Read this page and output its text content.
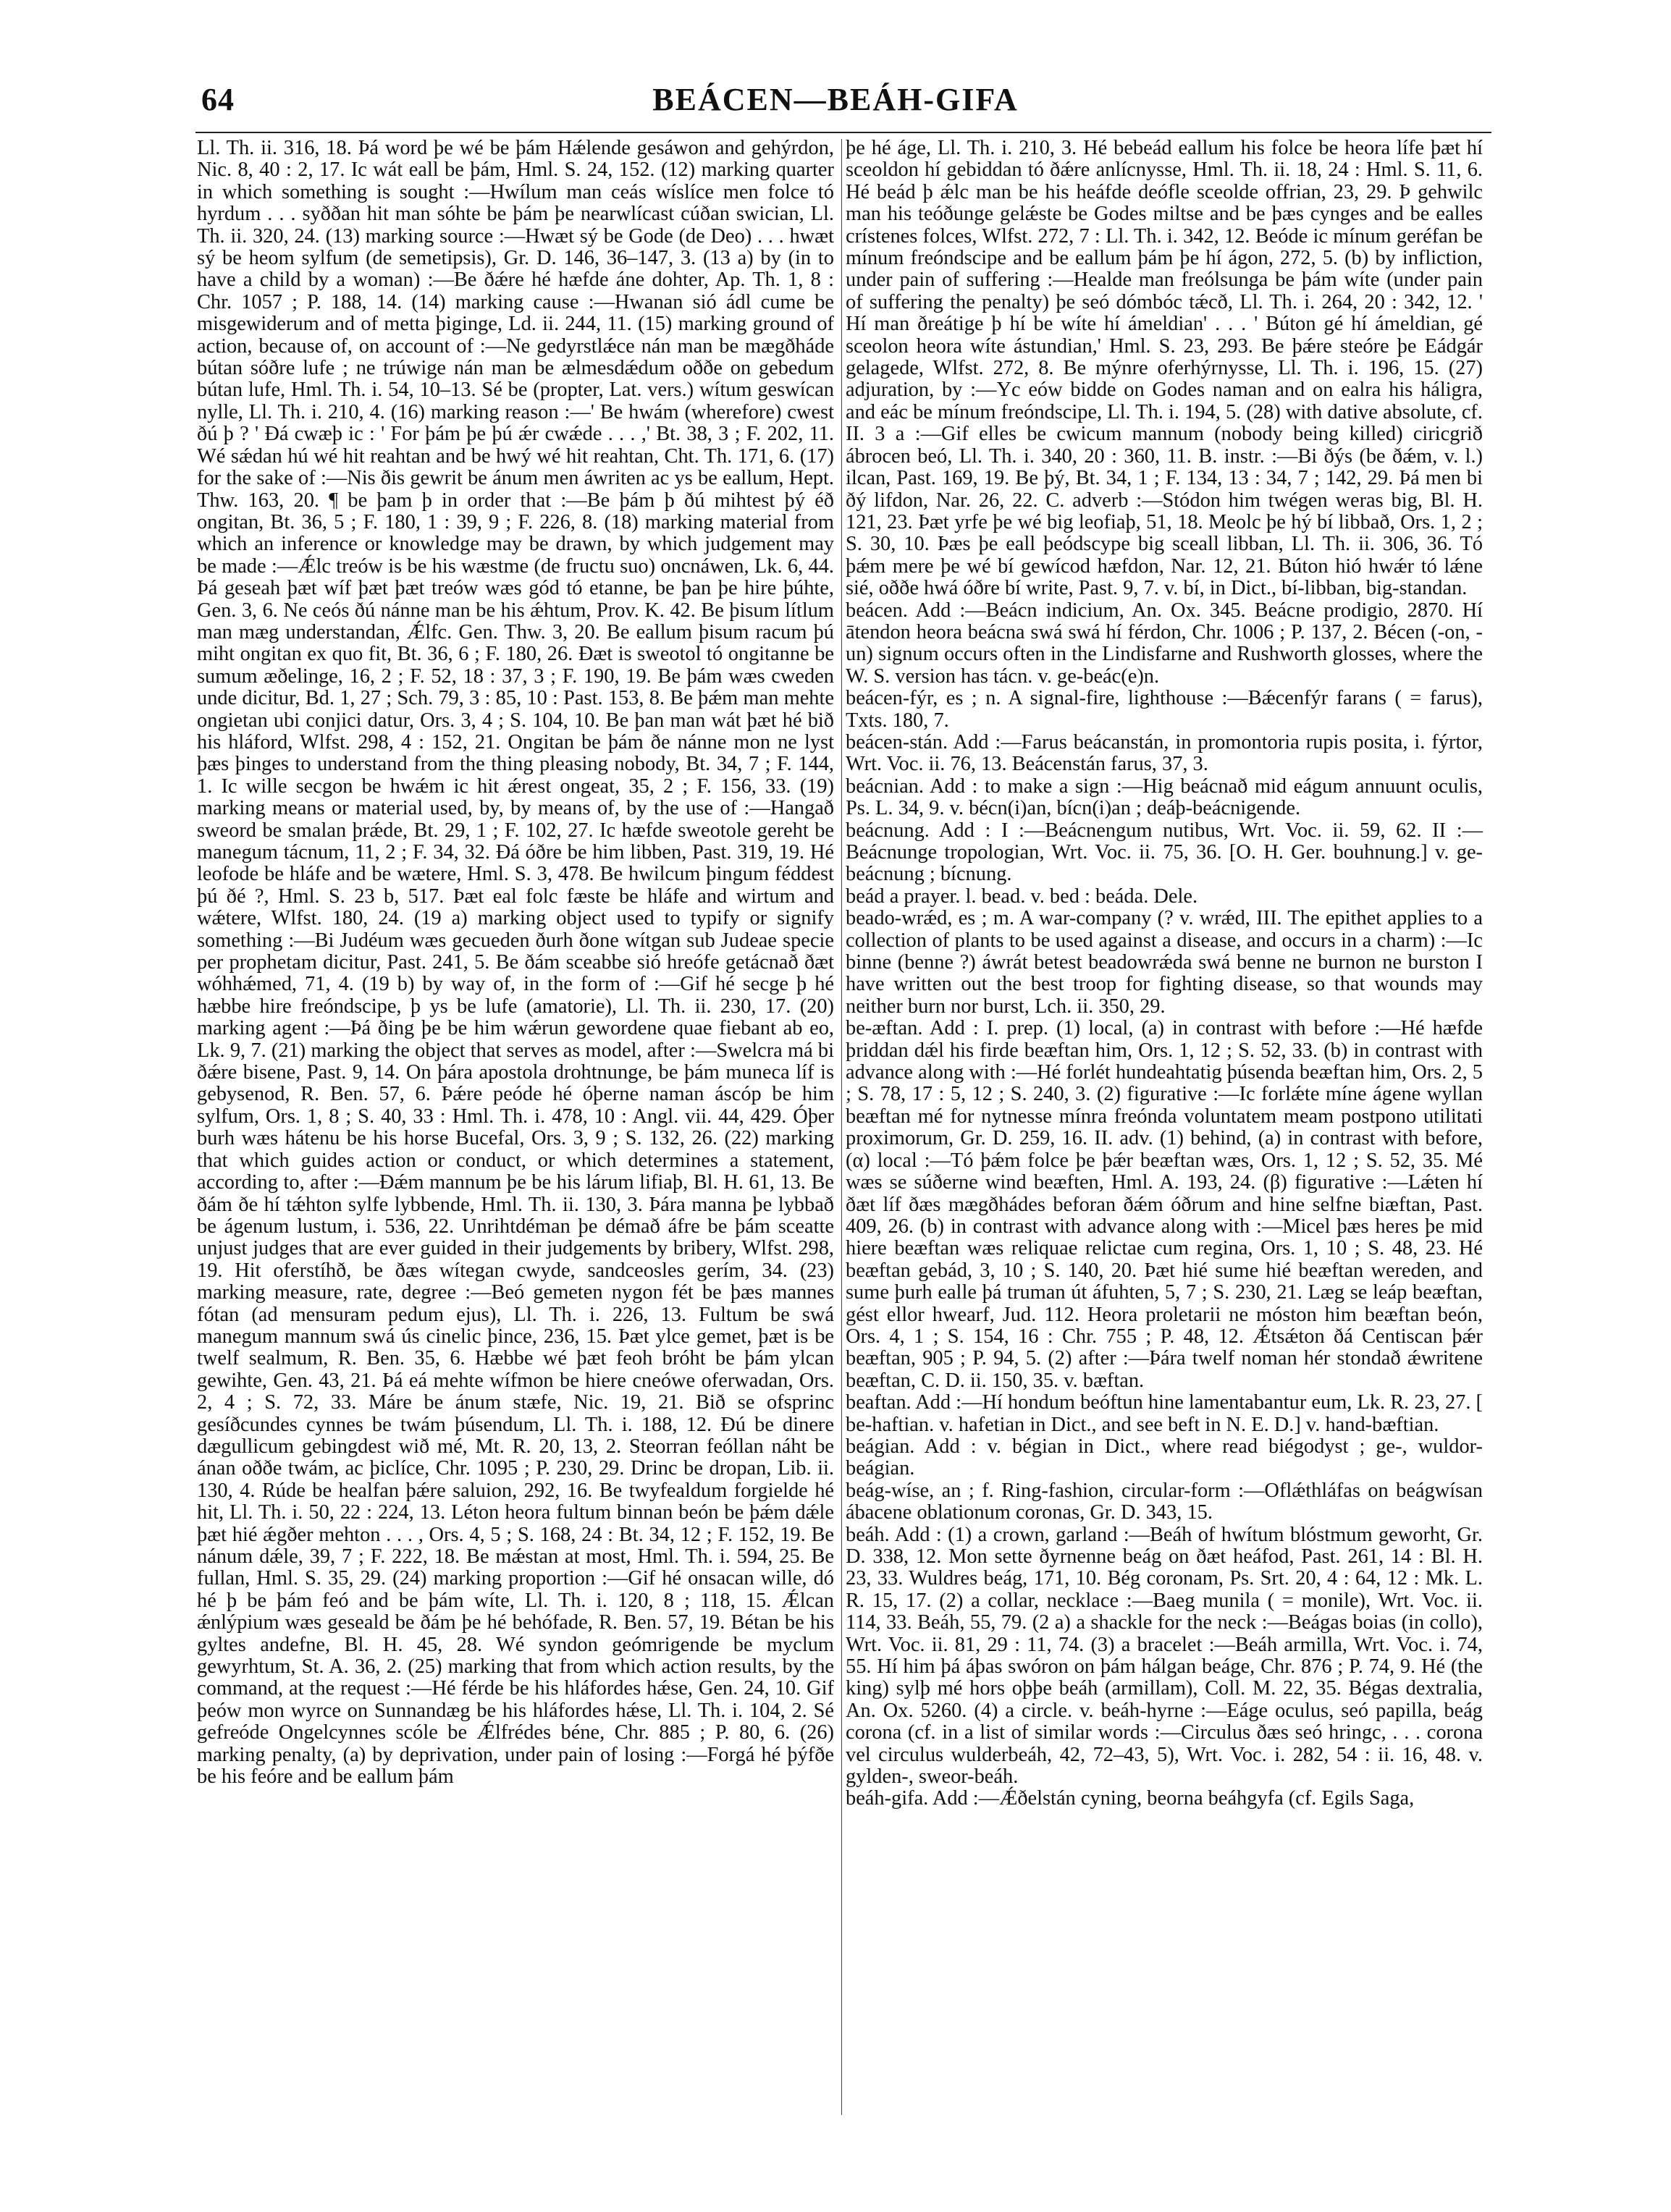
64	BEÁCEN—BEÁH-GIFA

Ll. Th. ii. 316, 18. Þá word þe wé be þám Hǽlende gesáwon and gehýrdon, Nic. 8, 40 : 2, 17. Ic wát eall be þám, Hml. S. 24, 152. (12) marking quarter in which something is sought :—Hwílum man ceás wíslíce men folce tó hyrdum . . . syððan hit man sóhte be þám þe nearwlícast cúðan swician, Ll. Th. ii. 320, 24. (13) marking source :—Hwæt sý be Gode (de Deo) . . . hwæt sý be heom sylfum (de semetipsis), Gr. D. 146, 36–147, 3. (13 a) by (in to have a child by a woman) :—Be ðǽre hé hæfde áne dohter, Ap. Th. 1, 8 : Chr. 1057 ; P. 188, 14. (14) marking cause :—Hwanan sió ádl cume be misgewiderum and of metta þiginge, Ld. ii. 244, 11. (15) marking ground of action, because of, on account of :—Ne gedyrstlǽce nán man be mægðháde bútan sóðre lufe ; ne trúwige nán man be ælmesdǽdum oððe on gebedum bútan lufe, Hml. Th. i. 54, 10–13. Sé be (propter, Lat. vers.) wítum geswícan nylle, Ll. Th. i. 210, 4. (16) marking reason :—' Be hwám (wherefore) cwest ðú þ ? ' Ðá cwæþ ic : ' For þám þe þú ǽr cwǽde . . . ,' Bt. 38, 3 ; F. 202, 11. Wé sǽdan hú wé hit reahtan and be hwý wé hit reahtan, Cht. Th. 171, 6. (17) for the sake of :—Nis ðis gewrit be ánum men áwriten ac ys be eallum, Hept. Thw. 163, 20. ¶ be þam þ in order that :—Be þám þ ðú mihtest þý éð ongitan, Bt. 36, 5 ; F. 180, 1 : 39, 9 ; F. 226, 8. (18) marking material from which an inference or knowledge may be drawn, by which judgement may be made :—Ǽlc treów is be his wæstme (de fructu suo) oncnáwen, Lk. 6, 44. Þá geseah þæt wíf þæt þæt treów wæs gód tó etanne, be þan þe hire þúhte, Gen. 3, 6. Ne ceós ðú nánne man be his ǽhtum, Prov. K. 42. Be þisum lítlum man mæg understandan, Ǽlfc. Gen. Thw. 3, 20. Be eallum þisum racum þú miht ongitan ex quo fit, Bt. 36, 6 ; F. 180, 26. Ðæt is sweotol tó ongitanne be sumum æðelinge, 16, 2 ; F. 52, 18 : 37, 3 ; F. 190, 19. Be þám wæs cweden unde dicitur, Bd. 1, 27 ; Sch. 79, 3 : 85, 10 : Past. 153, 8. Be þǽm man mehte ongietan ubi conjici datur, Ors. 3, 4 ; S. 104, 10. Be þan man wát þæt hé bið his hláford, Wlfst. 298, 4 : 152, 21. Ongitan be þám ðe nánne mon ne lyst þæs þinges to understand from the thing pleasing nobody, Bt. 34, 7 ; F. 144, 1. Ic wille secgon be hwǽm ic hit ǽrest ongeat, 35, 2 ; F. 156, 33. (19) marking means or material used, by, by means of, by the use of :—Hangað sweord be smalan þrǽde, Bt. 29, 1 ; F. 102, 27. Ic hæfde sweotole gereht be manegum tácnum, 11, 2 ; F. 34, 32. Ðá óðre be him libben, Past. 319, 19. Hé leofode be hláfe and be wætere, Hml. S. 3, 478. Be hwilcum þingum féddest þú ðé ?, Hml. S. 23 b, 517. Þæt eal folc fæste be hláfe and wirtum and wǽtere, Wlfst. 180, 24. (19 a) marking object used to typify or signify something :—Bi Judéum wæs gecueden ðurh ðone wítgan sub Judeae specie per prophetam dicitur, Past. 241, 5. Be ðám sceabbe sió hreófe getácnað ðæt wóhhǽmed, 71, 4. (19 b) by way of, in the form of :—Gif hé secge þ hé hæbbe hire freóndscipe, þ ys be lufe (amatorie), Ll. Th. ii. 230, 17. (20) marking agent :—Þá ðing þe be him wǽrun gewordene quae fiebant ab eo, Lk. 9, 7. (21) marking the object that serves as model, after :—Swelcra má bi ðǽre bisene, Past. 9, 14. On þára apostola drohtnunge, be þám muneca líf is gebysenod, R. Ben. 57, 6. Þǽre peóde hé óþerne naman áscóp be him sylfum, Ors. 1, 8 ; S. 40, 33 : Hml. Th. i. 478, 10 : Angl. vii. 44, 429. Óþer burh wæs hátenu be his horse Bucefal, Ors. 3, 9 ; S. 132, 26. (22) marking that which guides action or conduct, or which determines a statement, according to, after :—Ðǽm mannum þe be his lárum lifiaþ, Bl. H. 61, 13. Be ðám ðe hí tǽhton sylfe lybbende, Hml. Th. ii. 130, 3. Þára manna þe lybbað be ágenum lustum, i. 536, 22. Unrihtdéman þe démað áfre be þám sceatte unjust judges that are ever guided in their judgements by bribery, Wlfst. 298, 19. Hit oferstíhð, be ðæs wítegan cwyde, sandceosles gerím, 34. (23) marking measure, rate, degree :—Beó gemeten nygon fét be þæs mannes fótan (ad mensuram pedum ejus), Ll. Th. i. 226, 13. Fultum be swá manegum mannum swá ús cinelic þince, 236, 15. Þæt ylce gemet, þæt is be twelf sealmum, R. Ben. 35, 6. Hæbbe wé þæt feoh bróht be þám ylcan gewihte, Gen. 43, 21. Þá eá mehte wífmon be hiere cneówe oferwadan, Ors. 2, 4 ; S. 72, 33. Máre be ánum stæfe, Nic. 19, 21. Bið se ofsprinc gesíðcundes cynnes be twám þúsendum, Ll. Th. i. 188, 12. Ðú be dinere dægullicum gebingdest wið mé, Mt. R. 20, 13, 2. Steorran feóllan náht be ánan oððe twám, ac þiclíce, Chr. 1095 ; P. 230, 29. Drinc be dropan, Lib. ii. 130, 4. Rúde be healfan þǽre saluion, 292, 16. Be twyfealdum forgielde hé hit, Ll. Th. i. 50, 22 : 224, 13. Léton heora fultum binnan beón be þǽm dǽle þæt hié ǽgðer mehton . . . , Ors. 4, 5 ; S. 168, 24 : Bt. 34, 12 ; F. 152, 19. Be nánum dǽle, 39, 7 ; F. 222, 18. Be mǽstan at most, Hml. Th. i. 594, 25. Be fullan, Hml. S. 35, 29. (24) marking proportion :—Gif hé onsacan wille, dó hé þ be þám feó and be þám wíte, Ll. Th. i. 120, 8 ; 118, 15. Ǽlcan ǽnlýpium wæs geseald be ðám þe hé behófade, R. Ben. 57, 19. Bétan be his gyltes andefne, Bl. H. 45, 28. Wé syndon geómrigende be myclum gewyrhtum, St. A. 36, 2. (25) marking that from which action results, by the command, at the request :—Hé férde be his hláfordes hǽse, Gen. 24, 10. Gif þeów mon wyrce on Sunnandæg be his hláfordes hǽse, Ll. Th. i. 104, 2. Sé gefreóde Ongelcynnes scóle be Ǽlfrédes béne, Chr. 885 ; P. 80, 6. (26) marking penalty, (a) by deprivation, under pain of losing :—Forgá hé þýfðe be his feóre and be eallum þám

þe hé áge, Ll. Th. i. 210, 3. Hé bebeád eallum his folce be heora lífe þæt hí sceoldon hí gebiddan tó ðǽre anlícnysse, Hml. Th. ii. 18, 24 : Hml. S. 11, 6. Hé beád þ ǽlc man be his heáfde deófle sceolde offrian, 23, 29. Þ gehwilc man his teóðunge gelǽste be Godes miltse and be þæs cynges and be ealles crístenes folces, Wlfst. 272, 7 : Ll. Th. i. 342, 12. Beóde ic mínum geréfan be mínum freóndscipe and be eallum þám þe hí ágon, 272, 5. (b) by infliction, under pain of suffering :—Healde man freólsunga be þám wíte (under pain of suffering the penalty) þe seó dómbóc tǽcð, Ll. Th. i. 264, 20 : 342, 12. ' Hí man ðreátige þ hí be wíte hí ámeldian' . . . ' Búton gé hí ámeldian, gé sceolon heora wíte ástundian,' Hml. S. 23, 293. Be þǽre steóre þe Eádgár gelagede, Wlfst. 272, 8. Be mýnre oferhýrnysse, Ll. Th. i. 196, 15. (27) adjuration, by :—Yc eów bidde on Godes naman and on ealra his háligra, and eác be mínum freóndscipe, Ll. Th. i. 194, 5. (28) with dative absolute, cf. II. 3 a :—Gif elles be cwicum mannum (nobody being killed) ciricgrið ábrocen beó, Ll. Th. i. 340, 20 : 360, 11. B. instr. :—Bi ðýs (be ðǽm, v. l.) ilcan, Past. 169, 19. Be þý, Bt. 34, 1 ; F. 134, 13 : 34, 7 ; 142, 29. Þá men bi ðý lifdon, Nar. 26, 22. C. adverb :—Stódon him twégen weras big, Bl. H. 121, 23. Þæt yrfe þe wé big leofiaþ, 51, 18. Meolc þe hý bí libbað, Ors. 1, 2 ; S. 30, 10. Þæs þe eall þeódscype big sceall libban, Ll. Th. ii. 306, 36. Tó þǽm mere þe wé bí gewícod hæfdon, Nar. 12, 21. Búton hió hwǽr tó lǽne sié, oððe hwá óðre bí write, Past. 9, 7. v. bí, in Dict., bí-libban, big-standan.

beácen. Add :—Beácn indicium, An. Ox. 345. Beácne prodigio, 2870. Hí ātendon heora beácna swá swá hí férdon, Chr. 1006 ; P. 137, 2. Bécen (-on, -un) signum occurs often in the Lindisfarne and Rushworth glosses, where the W. S. version has tácn. v. ge-beác(e)n.

beácen-fýr, es ; n. A signal-fire, lighthouse :—Bǽcenfýr farans ( = farus), Txts. 180, 7.

beácen-stán. Add :—Farus beácanstán, in promontoria rupis posita, i. fýrtor, Wrt. Voc. ii. 76, 13. Beácenstán farus, 37, 3.

beácnian. Add : to make a sign :—Hig beácnað mid eágum annuunt oculis, Ps. L. 34, 9. v. bécn(i)an, bícn(i)an ; deáþ-beácnigende.

beácnung. Add : I :—Beácnengum nutibus, Wrt. Voc. ii. 59, 62. II :—Beácnunge tropologian, Wrt. Voc. ii. 75, 36. [O. H. Ger. bouhnung.] v. ge-beácnung ; bícnung.

beád a prayer. l. bead. v. bed : beáda. Dele.

beado-wrǽd, es ; m. A war-company (? v. wrǽd, III. The epithet applies to a collection of plants to be used against a disease, and occurs in a charm) :—Ic binne (benne ?) áwrát betest beadowrǽda swá benne ne burnon ne burston I have written out the best troop for fighting disease, so that wounds may neither burn nor burst, Lch. ii. 350, 29.

be-æftan. Add : I. prep. (1) local, (a) in contrast with before :—Hé hæfde þriddan dǽl his firde beæftan him, Ors. 1, 12 ; S. 52, 33. (b) in contrast with advance along with :—Hé forlét hundeahtatig þúsenda beæftan him, Ors. 2, 5 ; S. 78, 17 : 5, 12 ; S. 240, 3. (2) figurative :—Ic forlǽte míne ágene wyllan beæftan mé for nytnesse mínra freónda voluntatem meam postpono utilitati proximorum, Gr. D. 259, 16. II. adv. (1) behind, (a) in contrast with before, (α) local :—Tó þǽm folce þe þǽr beæftan wæs, Ors. 1, 12 ; S. 52, 35. Mé wæs se súðerne wind beæften, Hml. A. 193, 24. (β) figurative :—Lǽten hí ðæt líf ðæs mægðhádes beforan ðǽm óðrum and hine selfne biæftan, Past. 409, 26. (b) in contrast with advance along with :—Micel þæs heres þe mid hiere beæftan wæs reliquae relictae cum regina, Ors. 1, 10 ; S. 48, 23. Hé beæftan gebád, 3, 10 ; S. 140, 20. Þæt hié sume hié beæftan wereden, and sume þurh ealle þá truman út áfuhten, 5, 7 ; S. 230, 21. Læg se leáp beæftan, gést ellor hwearf, Jud. 112. Heora proletarii ne móston him beæftan beón, Ors. 4, 1 ; S. 154, 16 : Chr. 755 ; P. 48, 12. Ǽtsǽton ðá Centiscan þǽr beæftan, 905 ; P. 94, 5. (2) after :—Þára twelf noman hér stondað ǽwritene beæftan, C. D. ii. 150, 35. v. bæftan.

beaftan. Add :—Hí hondum beóftun hine lamentabantur eum, Lk. R. 23, 27. [ be-haftian. v. hafetian in Dict., and see beft in N. E. D.] v. hand-bæftian.

beágian. Add : v. bégian in Dict., where read biégodyst ; ge-, wuldor-beágian.

beág-wíse, an ; f. Ring-fashion, circular-form :—Oflǽthláfas on beágwísan ábacene oblationum coronas, Gr. D. 343, 15.

beáh. Add : (1) a crown, garland :—Beáh of hwítum blóstmum geworht, Gr. D. 338, 12. Mon sette ðyrnenne beág on ðæt heáfod, Past. 261, 14 : Bl. H. 23, 33. Wuldres beág, 171, 10. Bég coronam, Ps. Srt. 20, 4 : 64, 12 : Mk. L. R. 15, 17. (2) a collar, necklace :—Baeg munila ( = monile), Wrt. Voc. ii. 114, 33. Beáh, 55, 79. (2 a) a shackle for the neck :—Beágas boias (in collo), Wrt. Voc. ii. 81, 29 : 11, 74. (3) a bracelet :—Beáh armilla, Wrt. Voc. i. 74, 55. Hí him þá áþas swóron on þám hálgan beáge, Chr. 876 ; P. 74, 9. Hé (the king) sylþ mé hors oþþe beáh (armillam), Coll. M. 22, 35. Bégas dextralia, An. Ox. 5260. (4) a circle. v. beáh-hyrne :—Eáge oculus, seó papilla, beág corona (cf. in a list of similar words :—Circulus ðæs seó hringc, . . . corona vel circulus wulderbeáh, 42, 72–43, 5), Wrt. Voc. i. 282, 54 : ii. 16, 48. v. gylden-, sweor-beáh.

beáh-gifa. Add :—Ǽðelstán cyning, beorna beáhgyfa (cf. Egils Saga,
